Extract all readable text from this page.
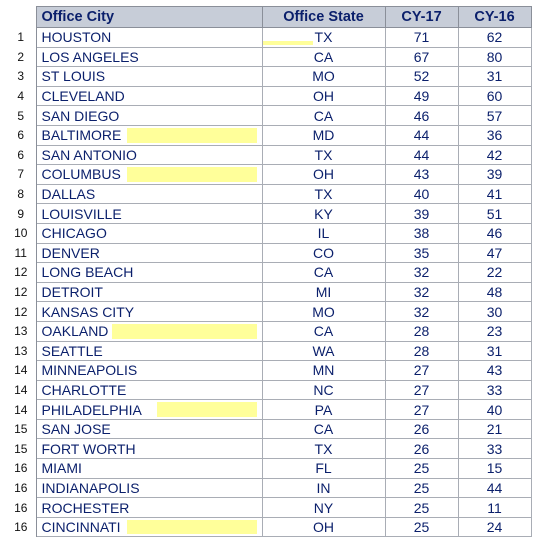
	Office City	Office State	CY-17	CY-16
1	HOUSTON	TX	71	62
2	LOS ANGELES	CA	67	80
3	ST LOUIS	MO	52	31
4	CLEVELAND	OH	49	60
5	SAN DIEGO	CA	46	57
6	BALTIMORE	MD	44	36
6	SAN ANTONIO	TX	44	42
7	COLUMBUS	OH	43	39
8	DALLAS	TX	40	41
9	LOUISVILLE	KY	39	51
10	CHICAGO	IL	38	46
11	DENVER	CO	35	47
12	LONG BEACH	CA	32	22
12	DETROIT	MI	32	48
12	KANSAS CITY	MO	32	30
13	OAKLAND	CA	28	23
13	SEATTLE	WA	28	31
14	MINNEAPOLIS	MN	27	43
14	CHARLOTTE	NC	27	33
14	PHILADELPHIA	PA	27	40
15	SAN JOSE	CA	26	21
15	FORT WORTH	TX	26	33
16	MIAMI	FL	25	15
16	INDIANAPOLIS	IN	25	44
16	ROCHESTER	NY	25	11
16	CINCINNATI	OH	25	24
